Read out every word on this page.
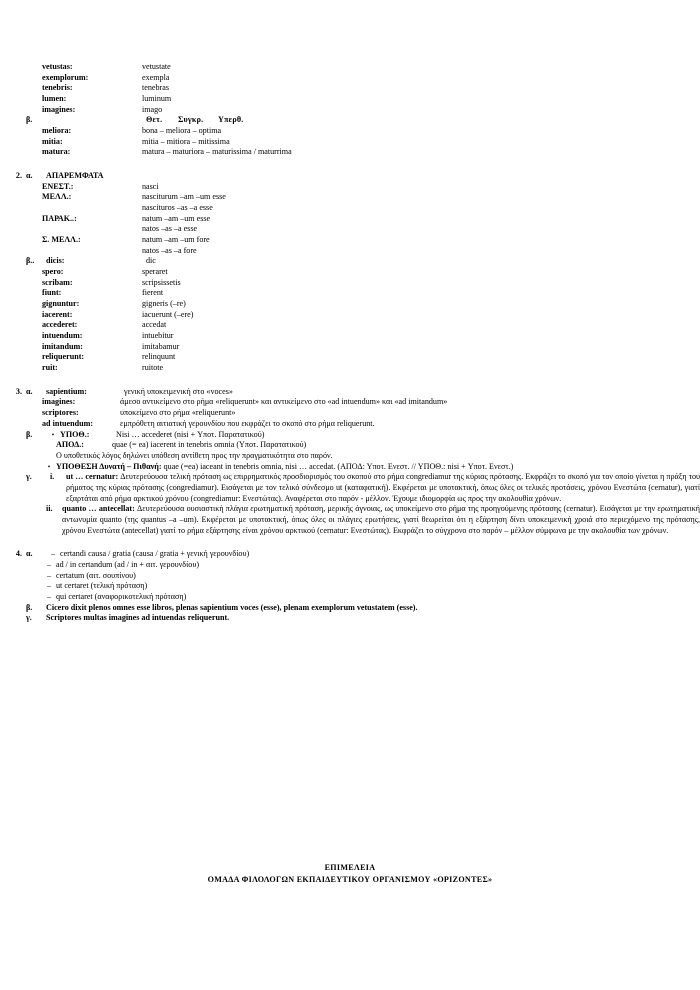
vetustas:	vetustate
exemplorum:	exempla
tenebris:	tenebras
lumen:	luminum
imagines:	imago
β.	Θετ. Συγκρ. Υπερθ.
meliora:	bona – meliora – optima
mitia:	mitia – mitiora – mitissima
matura:	matura – maturiora – maturissima / maturrima
2. α.	ΑΠΑΡΕΜΦΑΤΑ
ΕΝΕΣΤ.:	nasci
ΜΕΛΛ.:	nasciturum –am –um esse
nascituros –as –a esse
ΠΑΡΑΚ..:	natum –am –um esse
natos –as –a esse
Σ. ΜΕΛΛ.:	natum –am –um fore
natos –as –a fore
β..	dicis:	dic
spero:	speraret
scribam:	scripsissetis
fiunt:	fierent
gignuntur:	gigneris (–re)
iacerent:	iacuerunt (–ere)
accederet:	accedat
intuendum:	intuebitur
imitandum:	imitabamur
reliquerunt:	relinquunt
ruit:	ruitote
3. α.	sapientium:	γενική υποκειμενική στο «voces»
imagines:	άμεσο αντικείμενο στο ρήμα «reliquerunt» και αντικείμενο στο «ad intuendum» και «ad imitandum»
scriptores:	υποκείμενο στο ρήμα «reliquerunt»
ad intuendum:	εμπρόθετη αιτιατική γερουνδίου που εκφράζει το σκοπό στο ρήμα reliquerunt.
β. •	ΥΠΟΘ.:	Nisi … accederet (nisi + Υποτ. Παρατατικού)
ΑΠΟΔ.:	quae (= ea) iacerent in tenebris omnia (Υποτ. Παρατατικού)
Ο υποθετικός λόγος δηλώνει υπόθεση αντίθετη προς την πραγματικότητα στο παρόν.
•
ΥΠΟΘΕΣΗ Δυνατή – Πιθανή: quae (=ea) iaceant in tenebris omnia, nisi … accedat. (ΑΠΟΔ: Υποτ. Ενεστ. // ΥΠΟΘ.: nisi + Υποτ. Ενεστ.)
γ.	i.	ut … cernatur: Δευτερεύουσα τελική πρόταση ως επιρρηματικός προσδιορισμός του σκοπού στο ρήμα congrediamur της κύριας πρότασης. Εκφράζει το σκοπό για τον οποίο γίνεται η πράξη του ρήματος της κύριας πρότασης (congrediamur). Εισάγεται με τον τελικό σύνδεσμο ut (καταφατική). Εκφέρεται με υποτακτική, όπως όλες οι τελικές προτάσεις, χρόνου Ενεστώτα (cernatur), γιατί εξαρτάται από ρήμα αρκτικού χρόνου (congrediamur: Ενεστώτας). Αναφέρεται στο παρόν - μέλλον. Έχουμε ιδιομορφία ως προς την ακολουθία χρόνων.
ii.	quanto … antecellat: Δευτερεύουσα ουσιαστική πλάγια ερωτηματική πρόταση, μερικής άγνοιας, ως υποκείμενο στο ρήμα της προηγούμενης πρότασης (cernatur). Εισάγεται με την ερωτηματική αντωνυμία quanto (της quantus –a –um). Εκφέρεται με υποτακτική, όπως όλες οι πλάγιες ερωτήσεις, γιατί θεωρείται ότι η εξάρτηση δίνει υποκειμενική χροιά στο περιεχόμενο της πρότασης, χρόνου Ενεστώτα (antecellat) γιατί το ρήμα εξάρτησης είναι χρόνου αρκτικού (cernatur: Ενεστώτας). Εκφράζει το σύγχρονο στο παρόν – μέλλον σύμφωνα με την ακολουθία των χρόνων.
4. α.	– certandi causa / gratia (causa / gratia + γενική γερουνδίου)
– ad / in certandum (ad / in + αιτ. γερουνδίου)
– certatum (αιτ. σουπίνου)
– ut certaret (τελική πρόταση)
– qui certaret (αναφορικοτελική πρόταση)
β.	Cicero dixit plenos omnes esse libros, plenas sapientium voces (esse), plenam exemplorum vetustatem (esse).
γ.	Scriptores multas imagines ad intuendas reliquerunt.
ΕΠΙΜΕΛΕΙΑ
ΟΜΑΔΑ ΦΙΛΟΛΟΓΩΝ ΕΚΠΑΙΔΕΥΤΙΚΟΥ ΟΡΓΑΝΙΣΜΟΥ «ΟΡΙΖΟΝΤΕΣ»
